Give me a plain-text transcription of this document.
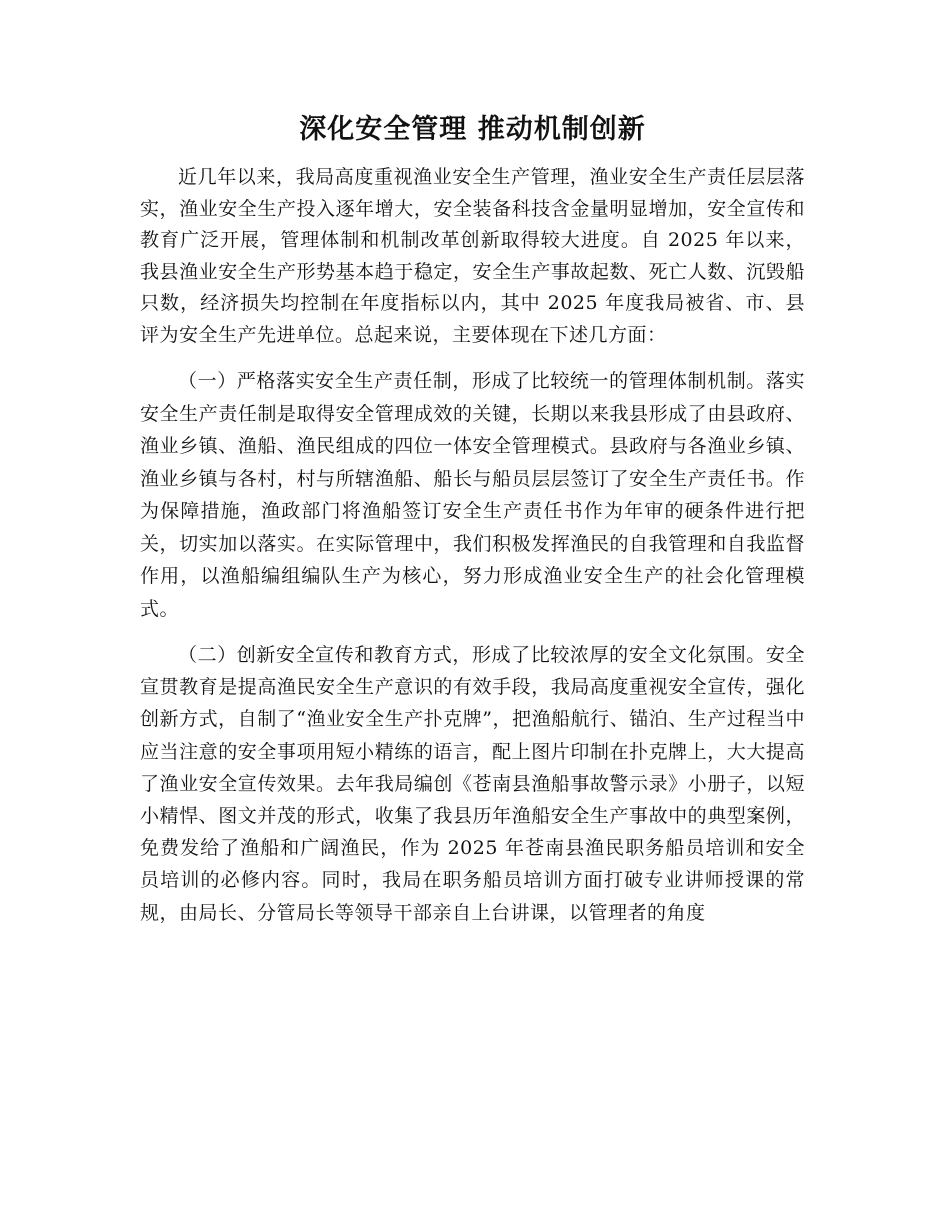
深化安全管理 推动机制创新

近几年以来，我局高度重视渔业安全生产管理，渔业安全生产责任层层落实，渔业安全生产投入逐年增大，安全装备科技含金量明显增加，安全宣传和教育广泛开展，管理体制和机制改革创新取得较大进度。自 2025 年以来，我县渔业安全生产形势基本趋于稳定，安全生产事故起数、死亡人数、沉毁船只数，经济损失均控制在年度指标以内，其中 2025 年度我局被省、市、县评为安全生产先进单位。总起来说，主要体现在下述几方面：

（一）严格落实安全生产责任制，形成了比较统一的管理体制机制。落实安全生产责任制是取得安全管理成效的关键，长期以来我县形成了由县政府、渔业乡镇、渔船、渔民组成的四位一体安全管理模式。县政府与各渔业乡镇、渔业乡镇与各村，村与所辖渔船、船长与船员层层签订了安全生产责任书。作为保障措施，渔政部门将渔船签订安全生产责任书作为年审的硬条件进行把关，切实加以落实。在实际管理中，我们积极发挥渔民的自我管理和自我监督作用，以渔船编组编队生产为核心，努力形成渔业安全生产的社会化管理模式。

（二）创新安全宣传和教育方式，形成了比较浓厚的安全文化氛围。安全宣贯教育是提高渔民安全生产意识的有效手段，我局高度重视安全宣传，强化创新方式，自制了“渔业安全生产扑克牌”，把渔船航行、锚泊、生产过程当中应当注意的安全事项用短小精练的语言，配上图片印制在扑克牌上，大大提高了渔业安全宣传效果。去年我局编创《苍南县渔船事故警示录》小册子，以短小精悍、图文并茂的形式，收集了我县历年渔船安全生产事故中的典型案例，免费发给了渔船和广阔渔民，作为 2025 年苍南县渔民职务船员培训和安全员培训的必修内容。同时，我局在职务船员培训方面打破专业讲师授课的常规，由局长、分管局长等领导干部亲自上台讲课，以管理者的角度
